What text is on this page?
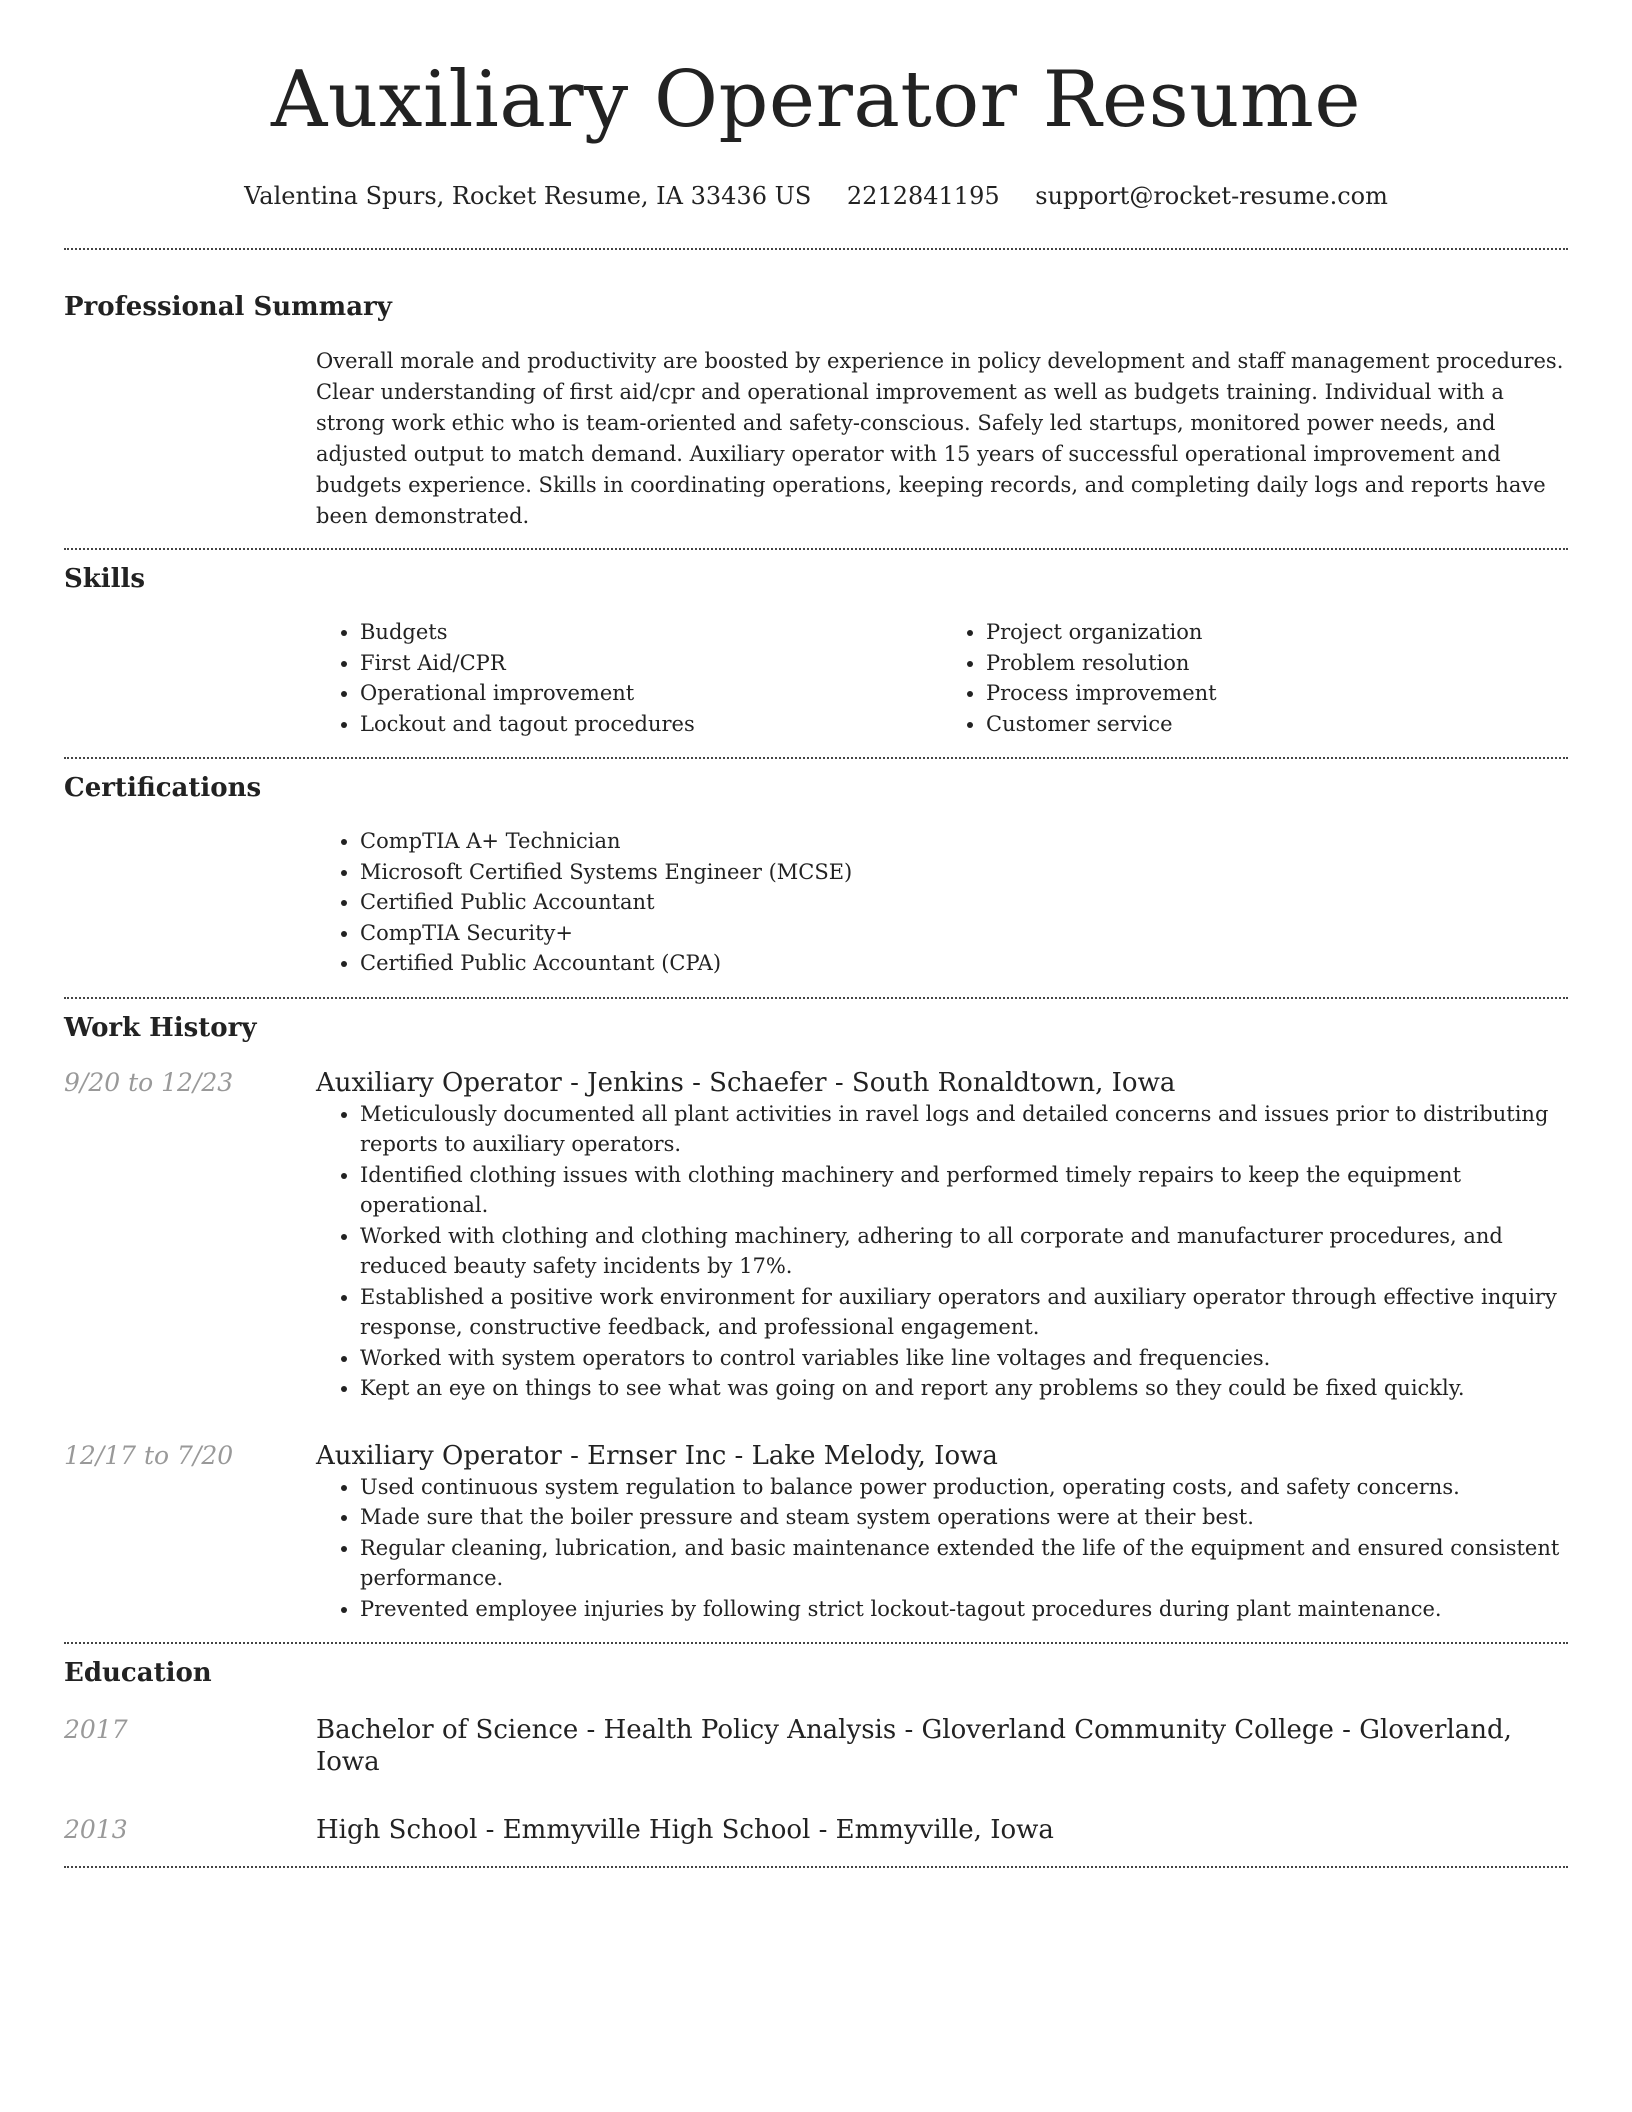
Auxiliary Operator Resume
Valentina Spurs, Rocket Resume, IA 33436 US 2212841195 support@rocket-resume.com
Professional Summary

Overall morale and productivity are boosted by experience in policy development and staff management procedures. Clear understanding of first aid/cpr and operational improvement as well as budgets training. Individual with a strong work ethic who is team-oriented and safety-conscious. Safely led startups, monitored power needs, and adjusted output to match demand. Auxiliary operator with 15 years of successful operational improvement and budgets experience. Skills in coordinating operations, keeping records, and completing daily logs and reports have been demonstrated.

Skills
• Budgets
• First Aid/CPR
• Operational improvement
• Lockout and tagout procedures
• Project organization
• Problem resolution
• Process improvement
• Customer service
Certifications
• CompTIA A+ Technician
• Microsoft Certified Systems Engineer (MCSE)
• Certified Public Accountant
• CompTIA Security+
• Certified Public Accountant (CPA)
Work History
9/20 to 12/23	Auxiliary Operator - Jenkins - Schaefer - South Ronaldtown, Iowa
• Meticulously documented all plant activities in ravel logs and detailed concerns and issues prior to distributing reports to auxiliary operators.
• Identified clothing issues with clothing machinery and performed timely repairs to keep the equipment operational.
• Worked with clothing and clothing machinery, adhering to all corporate and manufacturer procedures, and reduced beauty safety incidents by 17%.
• Established a positive work environment for auxiliary operators and auxiliary operator through effective inquiry response, constructive feedback, and professional engagement.
• Worked with system operators to control variables like line voltages and frequencies.
• Kept an eye on things to see what was going on and report any problems so they could be fixed quickly.
12/17 to 7/20	Auxiliary Operator - Ernser Inc - Lake Melody, Iowa
• Used continuous system regulation to balance power production, operating costs, and safety concerns.
• Made sure that the boiler pressure and steam system operations were at their best.
• Regular cleaning, lubrication, and basic maintenance extended the life of the equipment and ensured consistent performance.
• Prevented employee injuries by following strict lockout-tagout procedures during plant maintenance.
Education
2017	Bachelor of Science - Health Policy Analysis - Gloverland Community College - Gloverland, Iowa
2013	High School - Emmyville High School - Emmyville, Iowa
